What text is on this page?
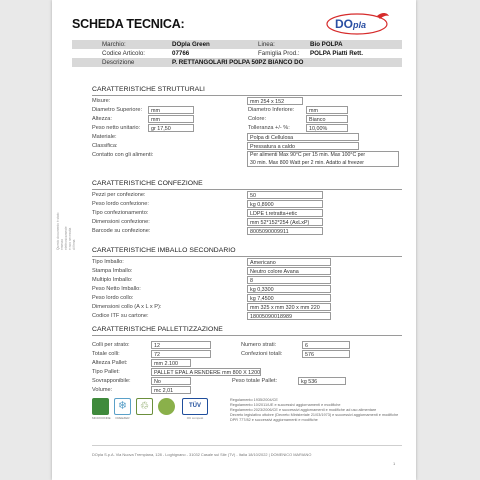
SCHEDA TECNICA:	DO pla
Marchio:	DOpla Green	Linea:	Bio POLPA
Codice Articolo:	07766	Famiglia Prod.: POLPA Piatti Rett.
Descrizione	P. RETTANGOLARI POLPA 50PZ BIANCO DO
Questo documento è stato emesso elettronicamente e non necessita di firma
CARATTERISTICHE STRUTTURALI
Misure:	mm 254 x 152
Diametro Superiore:	mm	Diametro Inferiore:	mm
Altezza:	mm	Colore:	Bianco
Peso netto unitario:	gr 17,50	Tolleranza +/- %:	10,00%
Materiale:	Polpa di Cellulosa
Classifica:	Pressatura a caldo
Contatto con gli alimenti:	Per alimenti Max 90°C per 15 min. Max 100°C per
30 min. Max 800 Watt per 2 min. Adatto al freezer
CARATTERISTICHE CONFEZIONE
Pezzi per confezione:	50
Peso lordo confezione:	kg 0,8900
Tipo confezionamento:	LDPE t.retratta+etic
Dimensioni confezione:	mm 52*152*254 (AxLxP)
Barcode su confezione:	8005090009911
CARATTERISTICHE IMBALLO SECONDARIO
Tipo Imballo:	Americano
Stampa Imballo:	Neutro colore Avana
Multiplo Imballo:	8
Peso Netto Imballo:	kg 0,3300
Peso lordo collo:	kg 7,4500
Dimensioni collo (A x L x P):	mm 325 x mm 320 x mm 220
Codice ITF su cartone:	18005090018989
CARATTERISTICHE PALLETTIZZAZIONE
Colli per strato:	12	Numero strati:	6
Totale colli:	72	Confezioni totali:	576
Altezza Pallet:	mm 2.100
Tipo Pallet:	PALLET EPAL A RENDERE mm 800 X 1200
Sovrapponibile:	No	Peso totale Pallet:	kg 536
Volume:	mc 2,01
MICROONDE
❄
FREEZER
♲	TÜV
OK compost
Regolamento 1935/2004/CE
Regolamento 10/2011/UE e successivi aggiornamenti e modifiche
Regolamento 2023/2006/CE e successivi aggiornamenti e modifiche ad uso alimentare
Decreto legislativo ottobre (Decreto Ministeriale 21/03/1973) e successivi aggiornamenti e modifiche
DPR 777/82 e successivi aggiornamenti e modifiche
DOpla S.p.A. Via Nuova Trempiana, 128 - Loghignano - 31032 Casale sul Sile (TV) - Italia 18/10/2022 | DOMENICO MARIANO
1
